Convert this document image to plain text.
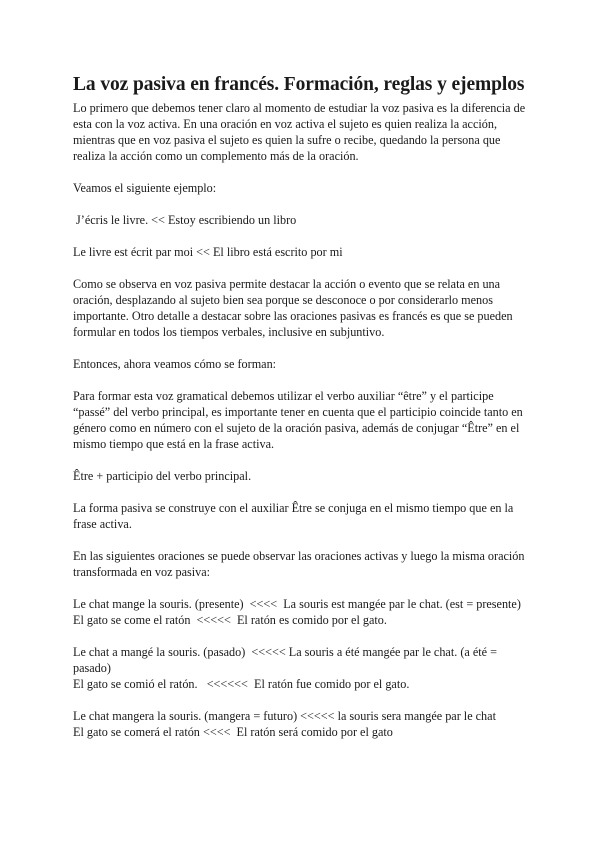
La voz pasiva en francés. Formación, reglas y ejemplos

Lo primero que debemos tener claro al momento de estudiar la voz pasiva es la diferencia de esta con la voz activa. En una oración en voz activa el sujeto es quien realiza la acción, mientras que en voz pasiva el sujeto es quien la sufre o recibe, quedando la persona que realiza la acción como un complemento más de la oración.

Veamos el siguiente ejemplo:

J’écris le livre. << Estoy escribiendo un libro

Le livre est écrit par moi << El libro está escrito por mi

Como se observa en voz pasiva permite destacar la acción o evento que se relata en una oración, desplazando al sujeto bien sea porque se desconoce o por considerarlo menos importante. Otro detalle a destacar sobre las oraciones pasivas es francés es que se pueden formular en todos los tiempos verbales, inclusive en subjuntivo.

Entonces, ahora veamos cómo se forman:

Para formar esta voz gramatical debemos utilizar el verbo auxiliar “être” y el participe “passé” del verbo principal, es importante tener en cuenta que el participio coincide tanto en género como en número con el sujeto de la oración pasiva, además de conjugar “Être” en el mismo tiempo que está en la frase activa.

Être + participio del verbo principal.

La forma pasiva se construye con el auxiliar Être se conjuga en el mismo tiempo que en la frase activa.

En las siguientes oraciones se puede observar las oraciones activas y luego la misma oración transformada en voz pasiva:

Le chat mange la souris. (presente)  <<<<  La souris est mangée par le chat. (est = presente)

El gato se come el ratón  <<<<<  El ratón es comido por el gato.

Le chat a mangé la souris. (pasado)  <<<<< La souris a été mangée par le chat. (a été = pasado)

El gato se comió el ratón.   <<<<<<  El ratón fue comido por el gato.

Le chat mangera la souris. (mangera = futuro) <<<<< la souris sera mangée par le chat

El gato se comerá el ratón <<<<  El ratón será comido por el gato
